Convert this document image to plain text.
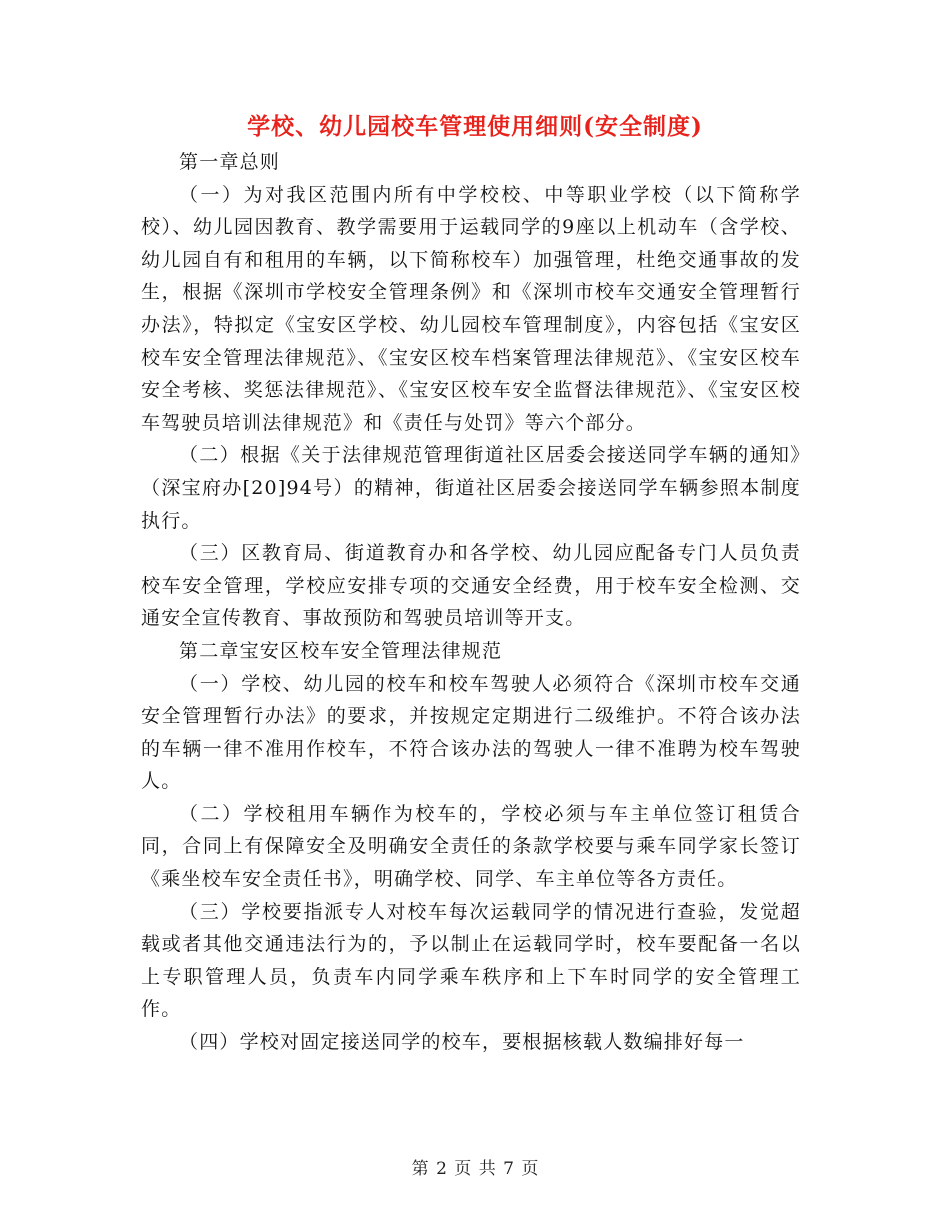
学校、幼儿园校车管理使用细则(安全制度)

第一章总则

（一）为对我区范围内所有中学校校、中等职业学校（以下简称学校）、幼儿园因教育、教学需要用于运载同学的9座以上机动车（含学校、幼儿园自有和租用的车辆，以下简称校车）加强管理，杜绝交通事故的发生，根据《深圳市学校安全管理条例》和《深圳市校车交通安全管理暂行办法》，特拟定《宝安区学校、幼儿园校车管理制度》，内容包括《宝安区校车安全管理法律规范》、《宝安区校车档案管理法律规范》、《宝安区校车安全考核、奖惩法律规范》、《宝安区校车安全监督法律规范》、《宝安区校车驾驶员培训法律规范》和《责任与处罚》等六个部分。

（二）根据《关于法律规范管理街道社区居委会接送同学车辆的通知》（深宝府办[20]94号）的精神，街道社区居委会接送同学车辆参照本制度执行。

（三）区教育局、街道教育办和各学校、幼儿园应配备专门人员负责校车安全管理，学校应安排专项的交通安全经费，用于校车安全检测、交通安全宣传教育、事故预防和驾驶员培训等开支。

第二章宝安区校车安全管理法律规范

（一）学校、幼儿园的校车和校车驾驶人必须符合《深圳市校车交通安全管理暂行办法》的要求，并按规定定期进行二级维护。不符合该办法的车辆一律不准用作校车，不符合该办法的驾驶人一律不准聘为校车驾驶人。

（二）学校租用车辆作为校车的，学校必须与车主单位签订租赁合同，合同上有保障安全及明确安全责任的条款学校要与乘车同学家长签订《乘坐校车安全责任书》，明确学校、同学、车主单位等各方责任。

（三）学校要指派专人对校车每次运载同学的情况进行查验，发觉超载或者其他交通违法行为的，予以制止在运载同学时，校车要配备一名以上专职管理人员，负责车内同学乘车秩序和上下车时同学的安全管理工作。

（四）学校对固定接送同学的校车，要根据核载人数编排好每一

第 2 页 共 7 页
